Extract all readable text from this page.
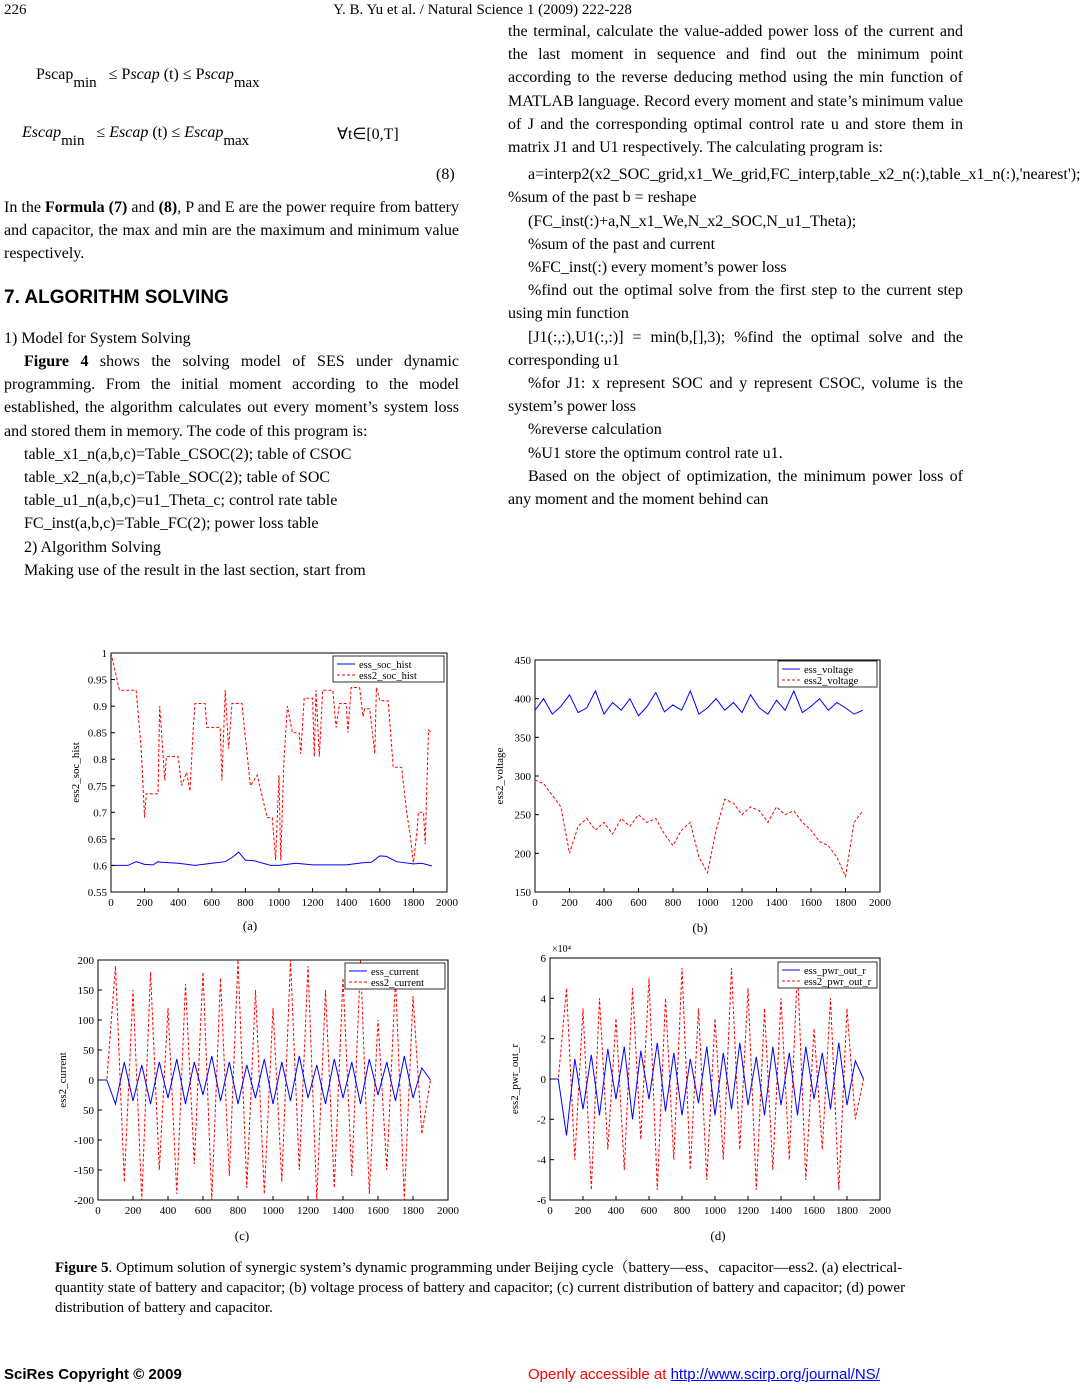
226	Y. B. Yu et al. / Natural Science 1 (2009) 222-228
Pscapmin ≤ Pscap (t) ≤ Pscapmax
Escapmin ≤ Escap (t) ≤ Escapmax	∀t∈[0,T]
(8)

In the Formula (7) and (8), P and E are the power require from battery and capacitor, the max and min are the maximum and minimum value respectively.

7. ALGORITHM SOLVING

1) Model for System Solving

Figure 4 shows the solving model of SES under dynamic programming. From the initial moment according to the model established, the algorithm calculates out every moment’s system loss and stored them in memory. The code of this program is:

table_x1_n(a,b,c)=Table_CSOC(2); table of CSOC

table_x2_n(a,b,c)=Table_SOC(2); table of SOC

table_u1_n(a,b,c)=u1_Theta_c; control rate table

FC_inst(a,b,c)=Table_FC(2); power loss table

2) Algorithm Solving

Making use of the result in the last section, start from

the terminal, calculate the value-added power loss of the current and the last moment in sequence and find out the minimum point according to the reverse deducing method using the min function of MATLAB language. Record every moment and state’s minimum value of J and the corresponding optimal control rate u and store them in matrix J1 and U1 respectively. The calculating program is:

a=interp2(x2_SOC_grid,x1_We_grid,FC_interp,table_x2_n(:),table_x1_n(:),'nearest'); %sum of the past b = reshape

(FC_inst(:)+a,N_x1_We,N_x2_SOC,N_u1_Theta);

%sum of the past and current

%FC_inst(:) every moment’s power loss

%find out the optimal solve from the first step to the current step using min function

[J1(:,:),U1(:,:)] = min(b,[],3); %find the optimal solve and the corresponding u1

%for J1: x represent SOC and y represent CSOC, volume is the system’s power loss

%reverse calculation

%U1 store the optimum control rate u1.

Based on the object of optimization, the minimum power loss of any moment and the moment behind can

0 200 400 600 800 1000 1200 1400 1600 1800 2000
0.55
0.6
0.65
0.7
0.75
0.8
0.85
0.9
0.95
1
ess2_soc_hist
ess_soc_hist
ess2_soc_hist
(a)
0 200 400 600 800 1000 1200 1400 1600 1800 2000
150
200
250
300
350
400
450
ess2_voltage
ess_voltage
ess2_voltage
(b)
0 200 400 600 800 1000 1200 1400 1600 1800 2000
-200
-150
-100
50
0
50
100
150
200
ess2_current
ess_current
ess2_current
(c)
0 200 400 600 800 1000 1200 1400 1600 1800 2000
-6
-4
-2
0
2
4
6
ess2_pwr_out_r
×10⁴
ess_pwr_out_r
ess2_pwr_out_r
(d)
Figure 5. Optimum solution of synergic system’s dynamic programming under Beijing cycle（battery—ess、capacitor—ess2. (a) electrical-quantity state of battery and capacitor; (b) voltage process of battery and capacitor; (c) current distribution of battery and capacitor; (d) power distribution of battery and capacitor.
SciRes Copyright © 2009	Openly accessible at http://www.scirp.org/journal/NS/
